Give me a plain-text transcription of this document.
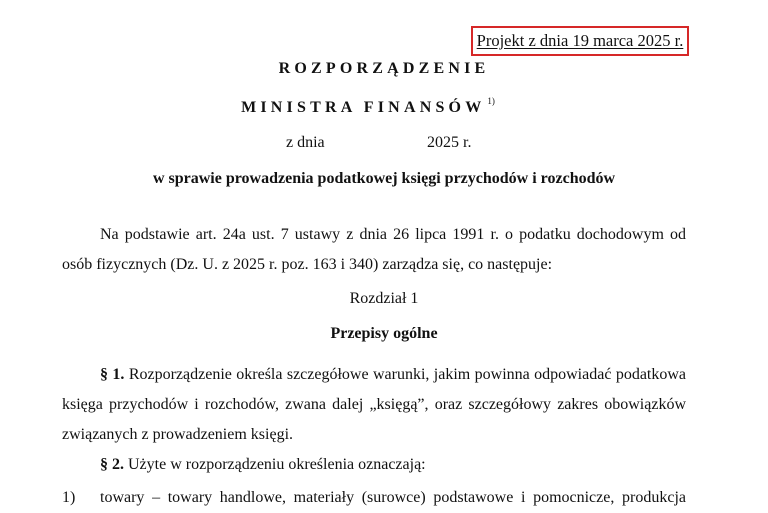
Projekt z dnia 19 marca 2025 r.
ROZPORZĄDZENIE
MINISTRA FINANSÓW $^{1)}$
z dnia	2025 r.
w sprawie prowadzenia podatkowej księgi przychodów i rozchodów
Na podstawie art. 24a ust. 7 ustawy z dnia 26 lipca 1991 r. o podatku dochodowym od osób fizycznych (Dz. U. z 2025 r. poz. 163 i 340) zarządza się, co następuje:
Rozdział 1
Przepisy ogólne
§ 1. Rozporządzenie określa szczegółowe warunki, jakim powinna odpowiadać podatkowa księga przychodów i rozchodów, zwana dalej „księgą”, oraz szczegółowy zakres obowiązków związanych z prowadzeniem księgi.
§ 2. Użyte w rozporządzeniu określenia oznaczają:
1) towary – towary handlowe, materiały (surowce) podstawowe i pomocnicze, produkcja
